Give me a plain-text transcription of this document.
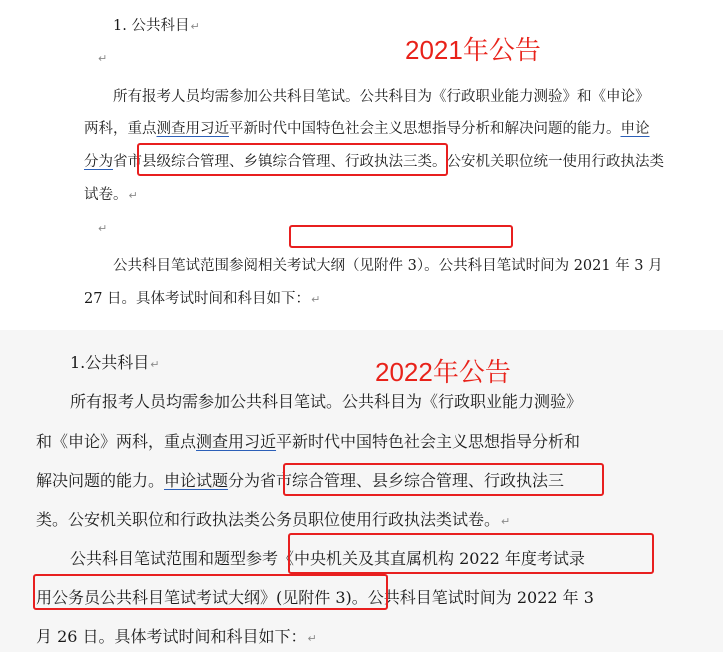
1. 公共科目↵
2021年公告
↵
所有报考人员均需参加公共科目笔试。公共科目为《行政职业能力测验》和《申论》
两科，重点测查用习近平新时代中国特色社会主义思想指导分析和解决问题的能力。申论
分为省市县级综合管理、乡镇综合管理、行政执法三类。公安机关职位统一使用行政执法类
试卷。↵
↵
公共科目笔试范围参阅相关考试大纲（见附件 3）。公共科目笔试时间为 2021 年 3 月
27 日。具体考试时间和科目如下：↵
1.公共科目↵	2022年公告
所有报考人员均需参加公共科目笔试。公共科目为《行政职业能力测验》
和《申论》两科，重点测查用习近平新时代中国特色社会主义思想指导分析和
解决问题的能力。申论试题分为省市综合管理、县乡综合管理、行政执法三
类。公安机关职位和行政执法类公务员职位使用行政执法类试卷。↵
公共科目笔试范围和题型参考《中央机关及其直属机构 2022 年度考试录
用公务员公共科目笔试考试大纲》(见附件 3)。公共科目笔试时间为 2022 年 3
月 26 日。具体考试时间和科目如下：↵
